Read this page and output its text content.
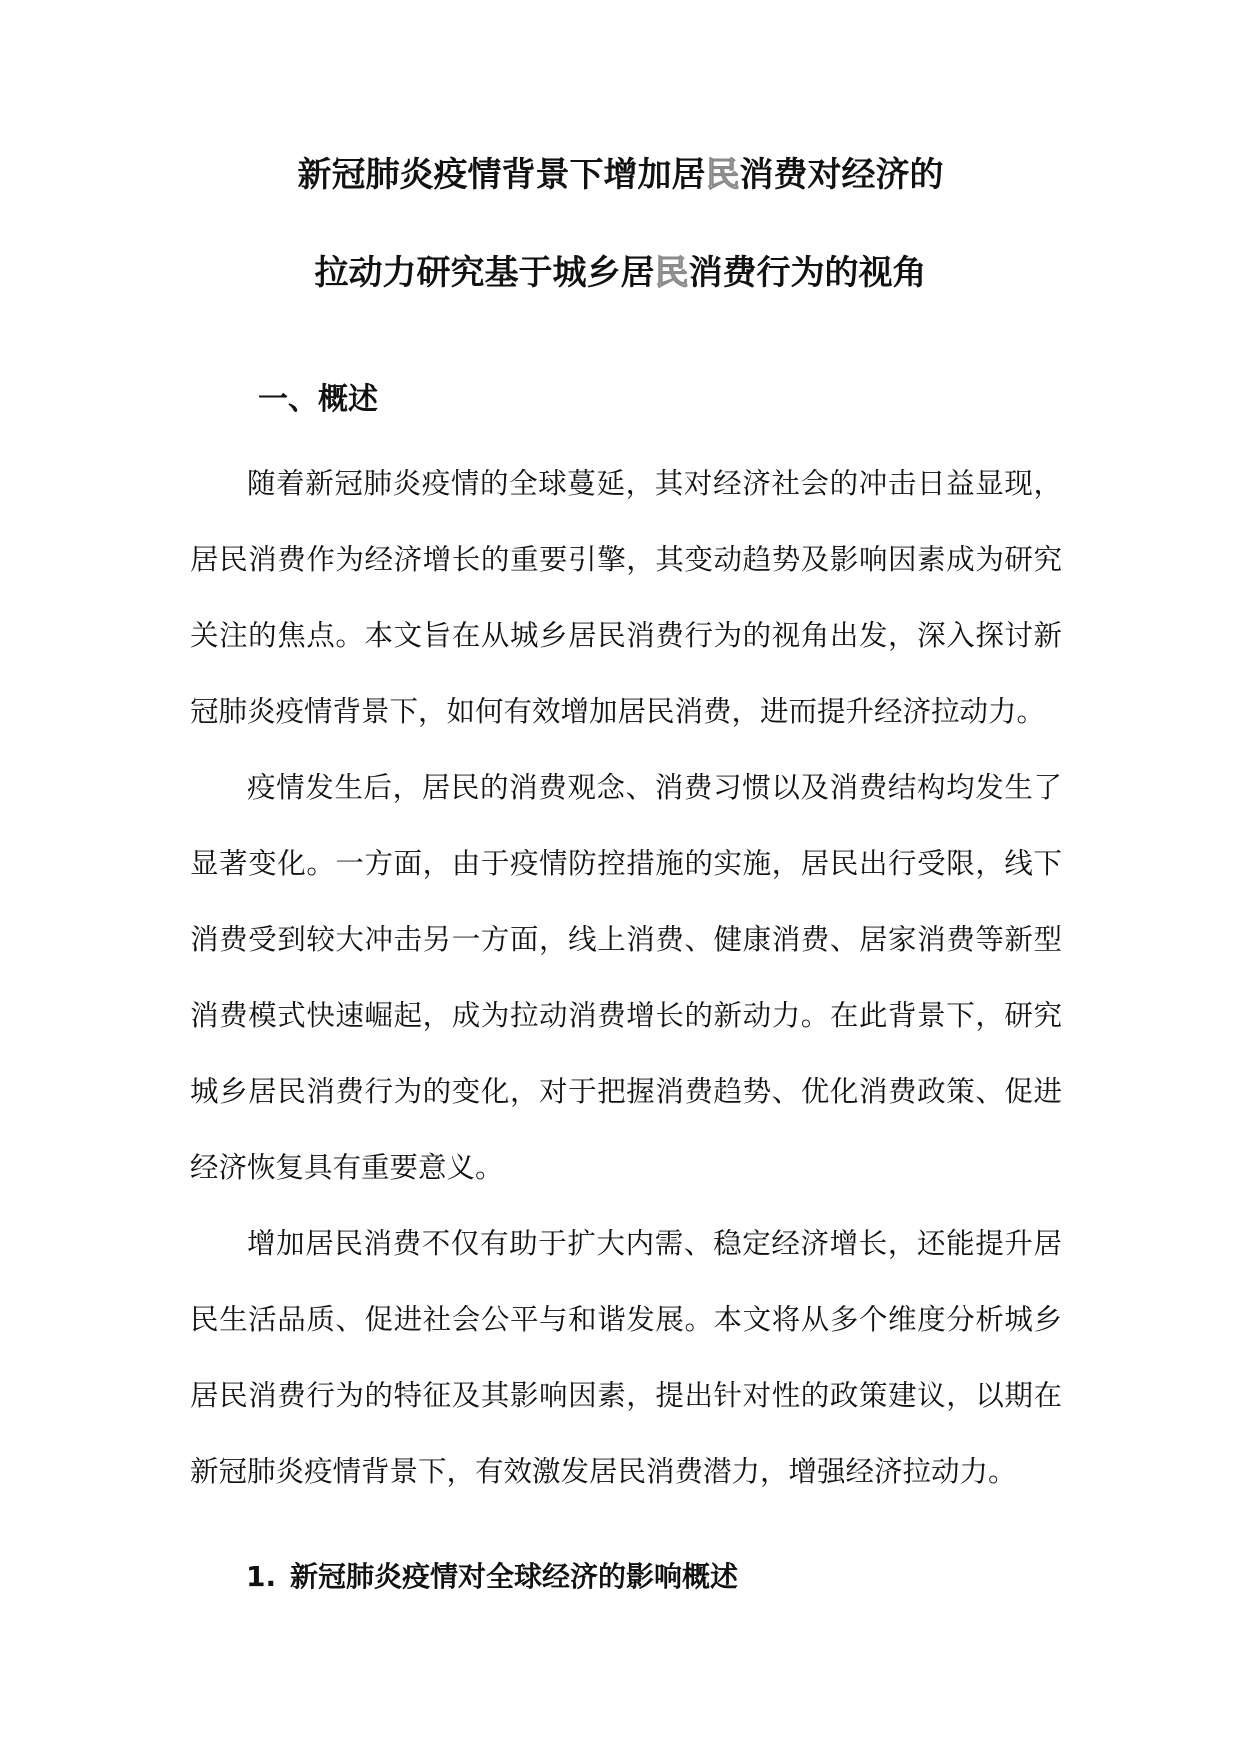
新冠肺炎疫情背景下增加居民消费对经济的
拉动力研究基于城乡居民消费行为的视角
一、概述

随着新冠肺炎疫情的全球蔓延，其对经济社会的冲击日益显现，居民消费作为经济增长的重要引擎，其变动趋势及影响因素成为研究关注的焦点。本文旨在从城乡居民消费行为的视角出发，深入探讨新冠肺炎疫情背景下，如何有效增加居民消费，进而提升经济拉动力。

疫情发生后，居民的消费观念、消费习惯以及消费结构均发生了显著变化。一方面，由于疫情防控措施的实施，居民出行受限，线下消费受到较大冲击另一方面，线上消费、健康消费、居家消费等新型消费模式快速崛起，成为拉动消费增长的新动力。在此背景下，研究城乡居民消费行为的变化，对于把握消费趋势、优化消费政策、促进经济恢复具有重要意义。

增加居民消费不仅有助于扩大内需、稳定经济增长，还能提升居民生活品质、促进社会公平与和谐发展。本文将从多个维度分析城乡居民消费行为的特征及其影响因素，提出针对性的政策建议，以期在新冠肺炎疫情背景下，有效激发居民消费潜力，增强经济拉动力。

1. 新冠肺炎疫情对全球经济的影响概述
